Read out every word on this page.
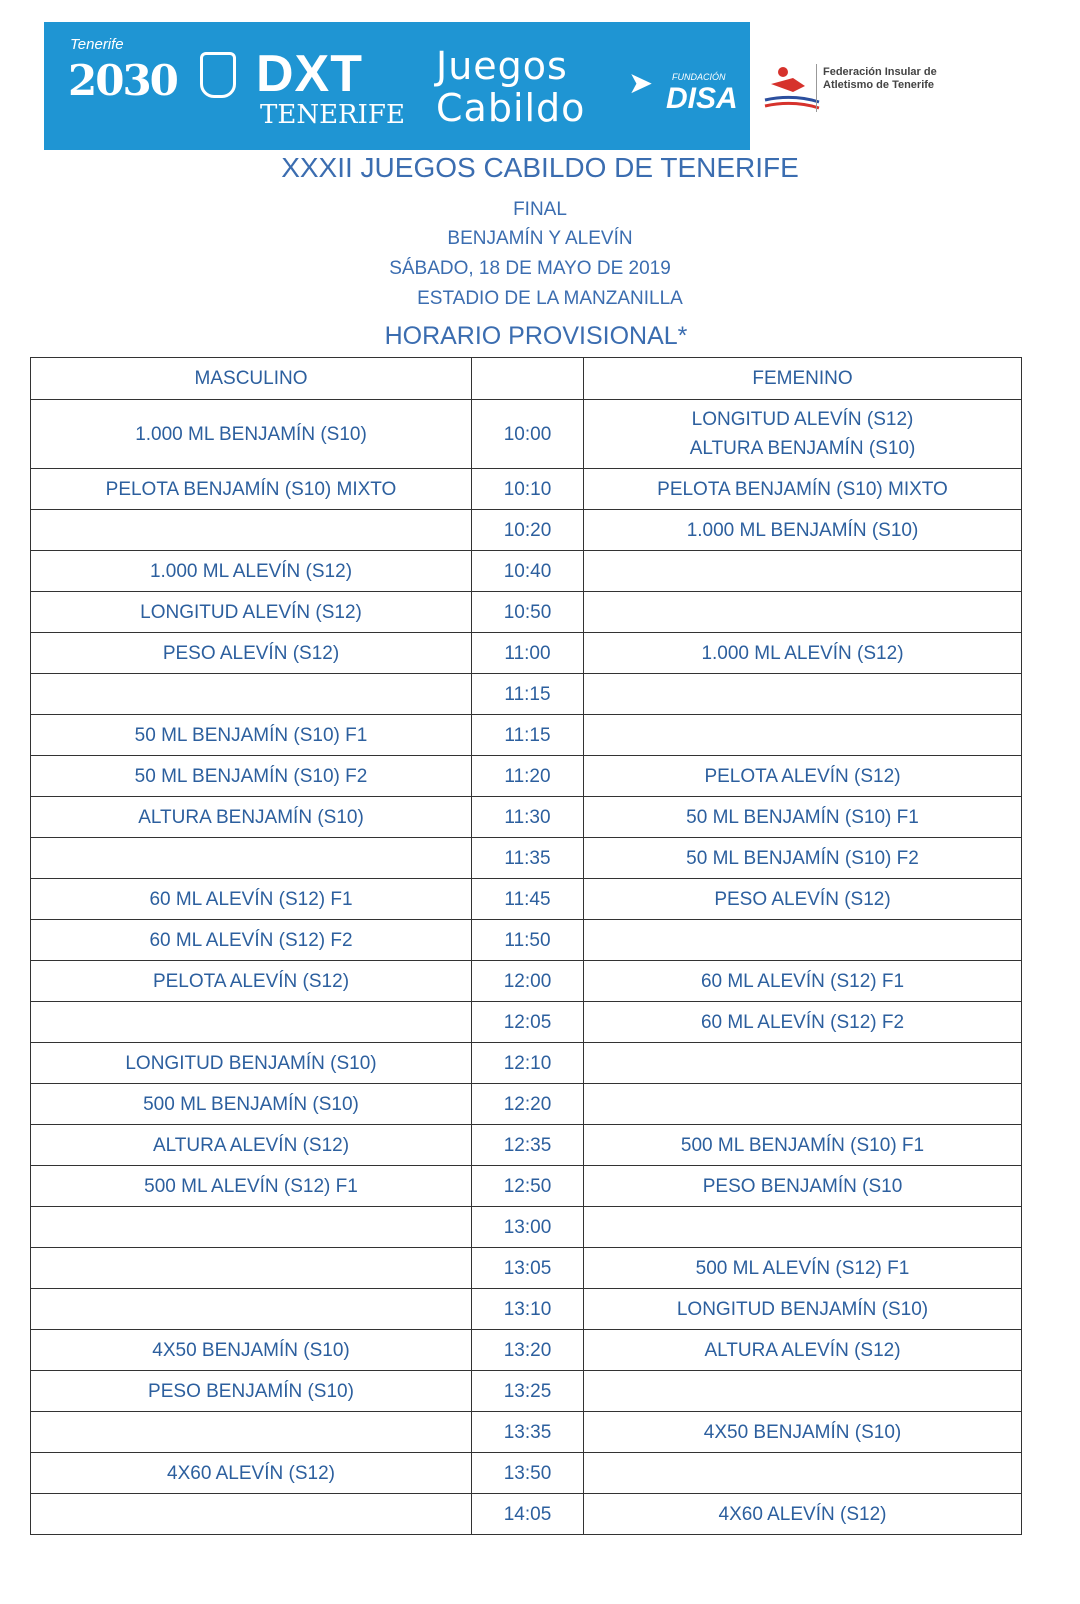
Tenerife
2030 DXT
TENERIFE
Juegos
Cabildo
➤ FUNDACIÓN
DISA
Federación Insular de Atletismo de Tenerife
XXXII JUEGOS CABILDO DE TENERIFE
FINAL
BENJAMÍN Y ALEVÍN
SÁBADO, 18 DE MAYO DE 2019
ESTADIO DE LA MANZANILLA
HORARIO PROVISIONAL*
MASCULINO		FEMENINO
1.000 ML BENJAMÍN (S10)	10:00	LONGITUD ALEVÍN (S12)
ALTURA BENJAMÍN (S10)
PELOTA BENJAMÍN (S10) MIXTO	10:10	PELOTA BENJAMÍN (S10) MIXTO
	10:20	1.000 ML BENJAMÍN (S10)
1.000 ML ALEVÍN (S12)	10:40	
LONGITUD ALEVÍN (S12)	10:50	
PESO ALEVÍN (S12)	11:00	1.000 ML ALEVÍN (S12)
	11:15	
50 ML BENJAMÍN (S10) F1	11:15	
50 ML BENJAMÍN (S10) F2	11:20	PELOTA ALEVÍN (S12)
ALTURA BENJAMÍN (S10)	11:30	50 ML BENJAMÍN (S10) F1
	11:35	50 ML BENJAMÍN (S10) F2
60 ML ALEVÍN (S12) F1	11:45	PESO ALEVÍN (S12)
60 ML ALEVÍN (S12) F2	11:50	
PELOTA ALEVÍN (S12)	12:00	60 ML ALEVÍN (S12) F1
	12:05	60 ML ALEVÍN (S12) F2
LONGITUD BENJAMÍN (S10)	12:10	
500 ML BENJAMÍN (S10)	12:20	
ALTURA ALEVÍN (S12)	12:35	500 ML BENJAMÍN (S10) F1
500 ML ALEVÍN (S12) F1	12:50	PESO BENJAMÍN (S10
	13:00	
	13:05	500 ML ALEVÍN (S12) F1
	13:10	LONGITUD BENJAMÍN (S10)
4X50 BENJAMÍN (S10)	13:20	ALTURA ALEVÍN (S12)
PESO BENJAMÍN (S10)	13:25	
	13:35	4X50 BENJAMÍN (S10)
4X60 ALEVÍN (S12)	13:50	
	14:05	4X60 ALEVÍN (S12)
